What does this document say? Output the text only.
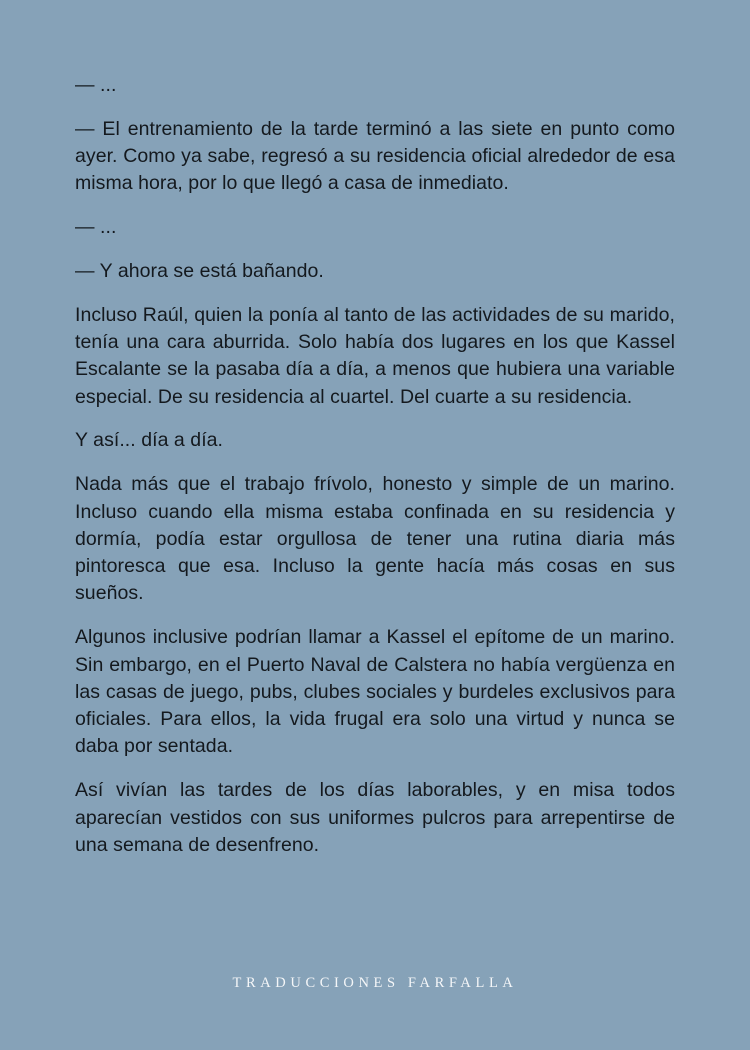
— ...

— El entrenamiento de la tarde terminó a las siete en punto como ayer. Como ya sabe, regresó a su residencia oficial alrededor de esa misma hora, por lo que llegó a casa de inmediato.

— ...

— Y ahora se está bañando.

Incluso Raúl, quien la ponía al tanto de las actividades de su marido, tenía una cara aburrida. Solo había dos lugares en los que Kassel Escalante se la pasaba día a día, a menos que hubiera una variable especial. De su residencia al cuartel. Del cuarte a su residencia.

Y así... día a día.

Nada más que el trabajo frívolo, honesto y simple de un marino. Incluso cuando ella misma estaba confinada en su residencia y dormía, podía estar orgullosa de tener una rutina diaria más pintoresca que esa. Incluso la gente hacía más cosas en sus sueños.

Algunos inclusive podrían llamar a Kassel el epítome de un marino. Sin embargo, en el Puerto Naval de Calstera no había vergüenza en las casas de juego, pubs, clubes sociales y burdeles exclusivos para oficiales. Para ellos, la vida frugal era solo una virtud y nunca se daba por sentada.

Así vivían las tardes de los días laborables, y en misa todos aparecían vestidos con sus uniformes pulcros para arrepentirse de una semana de desenfreno.

TRADUCCIONES FARFALLA
